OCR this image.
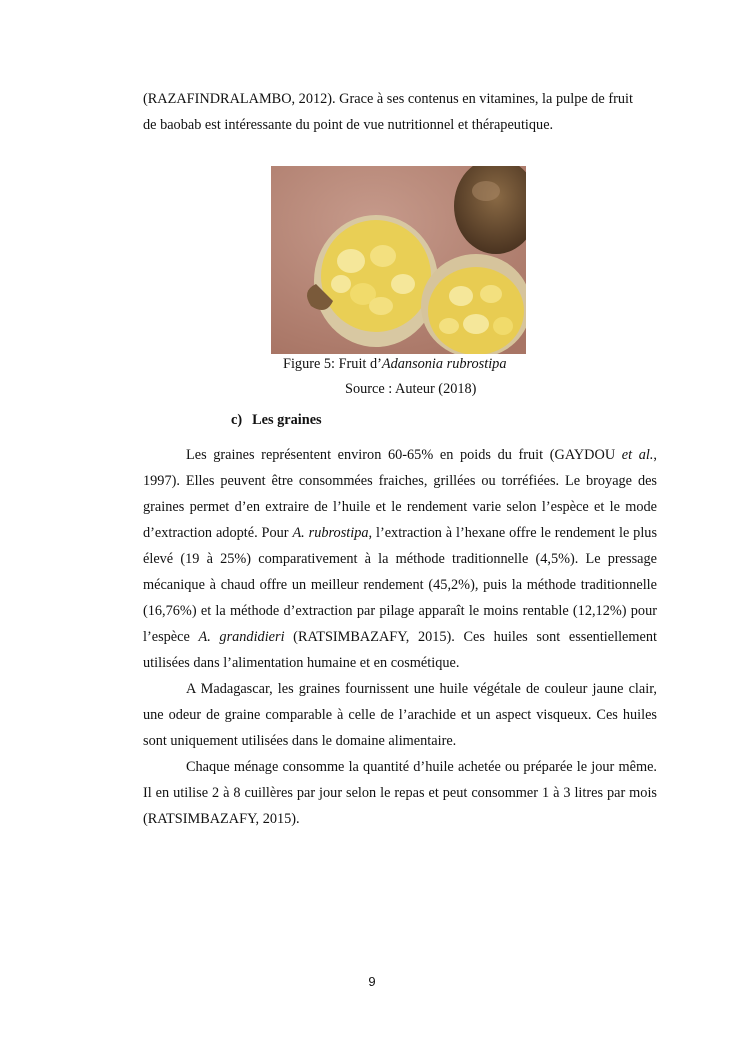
(RAZAFINDRALAMBO, 2012). Grace à ses contenus en vitamines, la pulpe de fruit
de baobab est intéressante du point de vue nutritionnel et thérapeutique.

Figure 5: Fruit d’Adansonia rubrostipa
Source : Auteur (2018)
c) Les graines

Les graines représentent environ 60-65% en poids du fruit (GAYDOU et al., 1997). Elles peuvent être consommées fraiches, grillées ou torréfiées. Le broyage des graines permet d’en extraire de l’huile et le rendement varie selon l’espèce et le mode d’extraction adopté. Pour A. rubrostipa, l’extraction à l’hexane offre le rendement le plus élevé (19 à 25%) comparativement à la méthode traditionnelle (4,5%). Le pressage mécanique à chaud offre un meilleur rendement (45,2%), puis la méthode traditionnelle (16,76%) et la méthode d’extraction par pilage apparaît le moins rentable (12,12%) pour l’espèce A. grandidieri (RATSIMBAZAFY, 2015). Ces huiles sont essentiellement utilisées dans l’alimentation humaine et en cosmétique.

A Madagascar, les graines fournissent une huile végétale de couleur jaune clair, une odeur de graine comparable à celle de l’arachide et un aspect visqueux. Ces huiles sont uniquement utilisées dans le domaine alimentaire.

Chaque ménage consomme la quantité d’huile achetée ou préparée le jour même. Il en utilise 2 à 8 cuillères par jour selon le repas et peut consommer 1 à 3 litres par mois (RATSIMBAZAFY, 2015).

9
